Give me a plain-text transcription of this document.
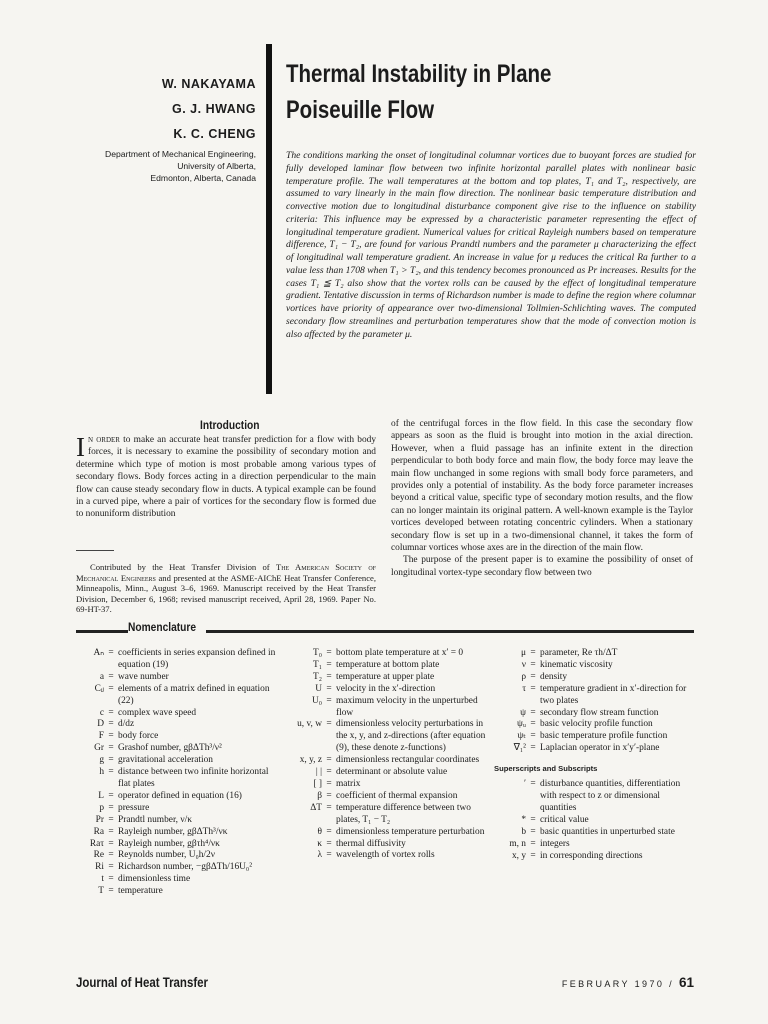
W. NAKAYAMA
G. J. HWANG
K. C. CHENG
Department of Mechanical Engineering,
University of Alberta,
Edmonton, Alberta, Canada
Thermal Instability in Plane
Poiseuille Flow
The conditions marking the onset of longitudinal columnar vortices due to buoyant forces are studied for fully developed laminar flow between two infinite horizontal parallel plates with nonlinear basic temperature profile. The wall temperatures at the bottom and top plates, T₁ and T₂, respectively, are assumed to vary linearly in the main flow direction. The nonlinear basic temperature distribution and convective motion due to longitudinal disturbance component give rise to the influence on stability criteria: This influence may be expressed by a characteristic parameter representing the effect of longitudinal temperature gradient. Numerical values for critical Rayleigh numbers based on temperature difference, T₁ − T₂, are found for various Prandtl numbers and the parameter μ characterizing the effect of longitudinal wall temperature gradient. An increase in value for μ reduces the critical Ra further to a value less than 1708 when T₁ > T₂, and this tendency becomes pronounced as Pr increases. Results for the cases T₁ ≦ T₂ also show that the vortex rolls can be caused by the effect of longitudinal temperature gradient. Tentative discussion in terms of Richardson number is made to define the region where columnar vortices have priority of appearance over two-dimensional Tollmien-Schlichting waves. The computed secondary flow streamlines and perturbation temperatures show that the mode of convection motion is also affected by the parameter μ.
Introduction
In order to make an accurate heat transfer prediction for a flow with body forces, it is necessary to examine the possibility of secondary motion and determine which type of motion is most probable among various types of secondary flows. Body forces acting in a direction perpendicular to the main flow can cause steady secondary flow in ducts. A typical example can be found in a curved pipe, where a pair of vortices for the secondary flow is formed due to nonuniform distribution
Contributed by the Heat Transfer Division of The American Society of Mechanical Engineers and presented at the ASME-AIChE Heat Transfer Conference, Minneapolis, Minn., August 3–6, 1969. Manuscript received by the Heat Transfer Division, December 6, 1968; revised manuscript received, April 28, 1969. Paper No. 69-HT-37.

of the centrifugal forces in the flow field. In this case the secondary flow appears as soon as the fluid is brought into motion in the axial direction. However, when a fluid passage has an infinite extent in the direction perpendicular to both body force and main flow, the body force may leave the main flow unchanged in some regions with small body force parameters, and provides only a potential of instability. As the body force parameter increases beyond a critical value, specific type of secondary motion results, and the flow can no longer maintain its original pattern. A well-known example is the Taylor vortices developed between rotating concentric cylinders. When a stationary secondary flow is set up in a two-dimensional channel, it takes the form of columnar vortices whose axes are in the direction of the main flow.

The purpose of the present paper is to examine the possibility of onset of longitudinal vortex-type secondary flow between two

Nomenclature
Aₙ = coefficients in series expansion defined in equation (19)
a = wave number
Cᵢⱼ = elements of a matrix defined in equation (22)
c = complex wave speed
D = d/dz
F = body force
Gr = Grashof number, gβΔTh³/ν²
g = gravitational acceleration
h = distance between two infinite horizontal flat plates
L = operator defined in equation (16)
p = pressure
Pr = Prandtl number, ν/κ
Ra = Rayleigh number, gβΔTh³/νκ
Raτ = Rayleigh number, gβτh⁴/νκ
Re = Reynolds number, U₀h/2ν
Ri = Richardson number, −gβΔTh/16U₀²
t = dimensionless time
T = temperature
T₀ = bottom plate temperature at x′ = 0
T₁ = temperature at bottom plate
T₂ = temperature at upper plate
U = velocity in the x′-direction
U₀ = maximum velocity in the unperturbed flow
u, v, w = dimensionless velocity perturbations in the x, y, and z-directions (after equation (9), these denote z-functions)
x, y, z = dimensionless rectangular coordinates
| | = determinant or absolute value
[ ] = matrix
β = coefficient of thermal expansion
ΔT = temperature difference between two plates, T₁ − T₂
θ = dimensionless temperature perturbation
κ = thermal diffusivity
λ = wavelength of vortex rolls
μ = parameter, Re τh/ΔT
ν = kinematic viscosity
ρ = density
τ = temperature gradient in x′-direction for two plates
ψ = secondary flow stream function
ψᵤ = basic velocity profile function
ψₜ = basic temperature profile function
∇₁² = Laplacian operator in x′y′-plane
Superscripts and Subscripts
′ = disturbance quantities, differentiation with respect to z or dimensional quantities
* = critical value
b = basic quantities in unperturbed state
m, n = integers
x, y = in corresponding directions
Journal of Heat Transfer	FEBRUARY 1970 / 61
